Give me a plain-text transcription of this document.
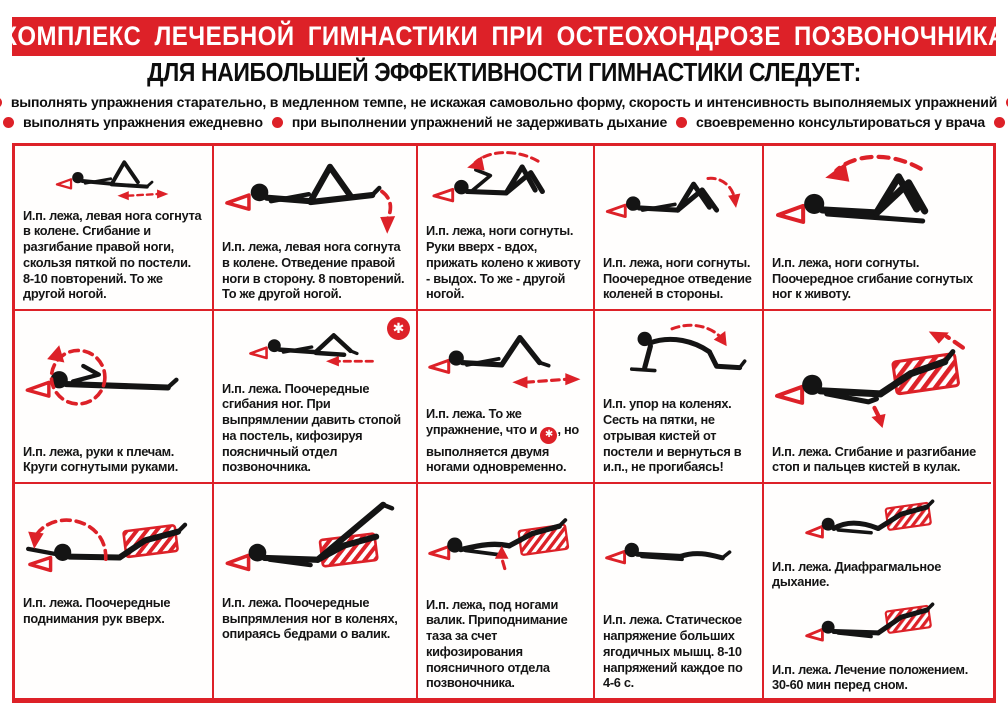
КОМПЛЕКС ЛЕЧЕБНОЙ ГИМНАСТИКИ ПРИ ОСТЕОХОНДРОЗЕ ПОЗВОНОЧНИКА
ДЛЯ НАИБОЛЬШЕЙ ЭФФЕКТИВНОСТИ ГИМНАСТИКИ СЛЕДУЕТ:
выполнять упражнения старательно, в медленном темпе, не искажая самовольно форму, скорость и интенсивность выполняемых упражнений
выполнять упражнения ежедневно при выполнении упражнений не задерживать дыхание своевременно консультироваться у врача
И.п. лежа, левая нога согнута в колене. Сгибание и разгибание правой ноги, скользя пяткой по постели. 8-10 повторений. То же другой ногой.
И.п. лежа, левая нога согнута в колене. Отведение правой ноги в сторону. 8 повторений. То же другой ногой.
И.п. лежа, ноги согнуты. Руки вверх - вдох, прижать колено к животу - выдох. То же - другой ногой.
И.п. лежа, ноги согнуты. Поочередное отведение коленей в стороны.
И.п. лежа, ноги согнуты. Поочередное сгибание согнутых ног к животу.
И.п. лежа, руки к плечам. Круги согнутыми руками.
✱
И.п. лежа. Поочередные сгибания ног. При выпрямлении давить стопой на постель, кифозируя поясничный отдел позвоночника.
И.п. лежа. То же упражнение, что и ✱ , но выполняется двумя ногами одновременно.
И.п. упор на коленях. Сесть на пятки, не отрывая кистей от постели и вернуться в и.п., не прогибаясь!
И.п. лежа. Сгибание и разгибание стоп и пальцев кистей в кулак.
И.п. лежа. Поочередные поднимания рук вверх.
И.п. лежа. Поочередные выпрямления ног в коленях, опираясь бедрами о валик.
И.п. лежа, под ногами валик. Приподнимание таза за счет кифозирования поясничного отдела позвоночника.
И.п. лежа. Статическое напряжение больших ягодичных мышц. 8-10 напряжений каждое по 4-6 с.
И.п. лежа. Диафрагмальное дыхание.
И.п. лежа. Лечение положением. 30-60 мин перед сном.
